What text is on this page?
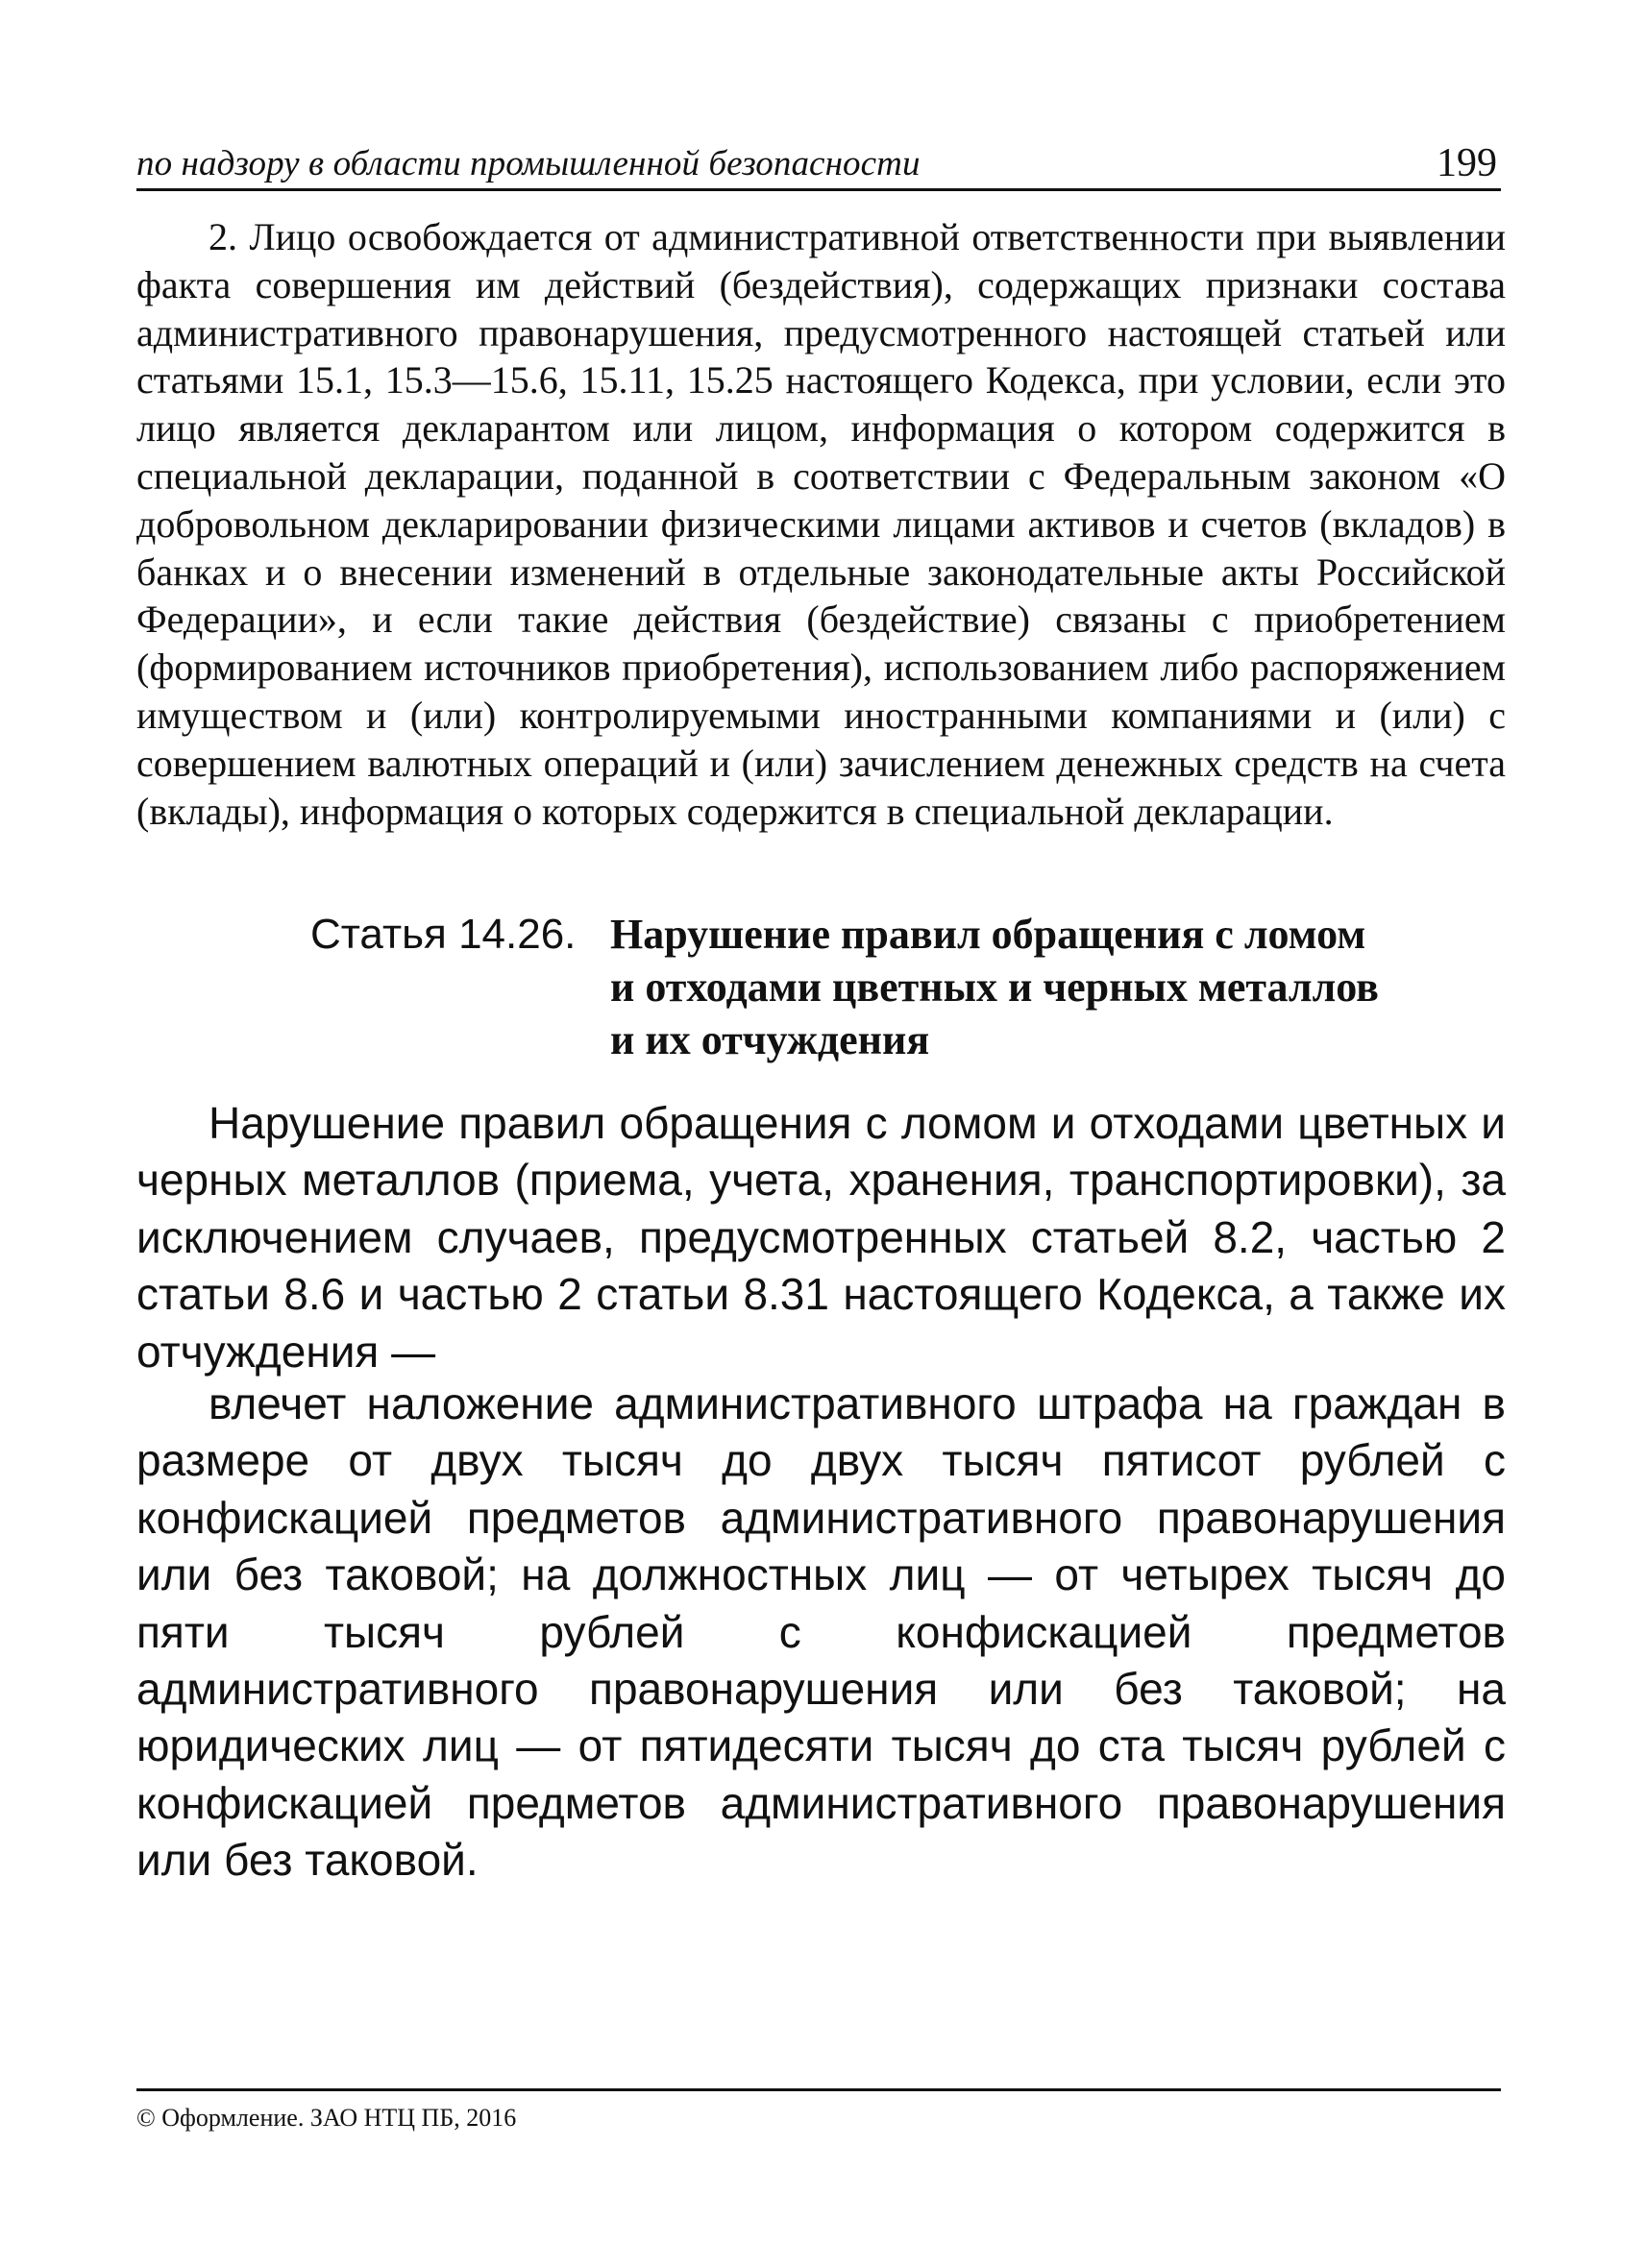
по надзору в области промышленной безопасности	199

2. Лицо освобождается от административной ответственности при выявлении факта совершения им действий (бездействия), содержащих признаки состава административного правонарушения, предусмотренного настоящей статьей или статьями 15.1, 15.3—15.6, 15.11, 15.25 настоящего Кодекса, при условии, если это лицо является декларантом или лицом, информация о котором содержится в специальной декларации, поданной в соответствии с Федеральным законом «О добровольном декларировании физическими лицами активов и счетов (вкладов) в банках и о внесении изменений в отдельные законодательные акты Российской Федерации», и если такие действия (бездействие) связаны с приобретением (формированием источников приобретения), использованием либо распоряжением имуществом и (или) контролируемыми иностранными компаниями и (или) с совершением валютных операций и (или) зачислением денежных средств на счета (вклады), информация о которых содержится в специальной декларации.

Статья 14.26. Нарушение правил обращения с ломом и отходами цветных и черных металлов и их отчуждения

Нарушение правил обращения с ломом и отходами цветных и черных металлов (приема, учета, хранения, транспортировки), за исключением случаев, предусмотренных статьей 8.2, частью 2 статьи 8.6 и частью 2 статьи 8.31 настоящего Кодекса, а также их отчуждения —

влечет наложение административного штрафа на граждан в размере от двух тысяч до двух тысяч пятисот рублей с конфискацией предметов административного правонарушения или без таковой; на должностных лиц — от четырех тысяч до пяти тысяч рублей с конфискацией предметов административного правонарушения или без таковой; на юридических лиц — от пятидесяти тысяч до ста тысяч рублей с конфискацией предметов административного правонарушения или без таковой.

© Оформление. ЗАО НТЦ ПБ, 2016
